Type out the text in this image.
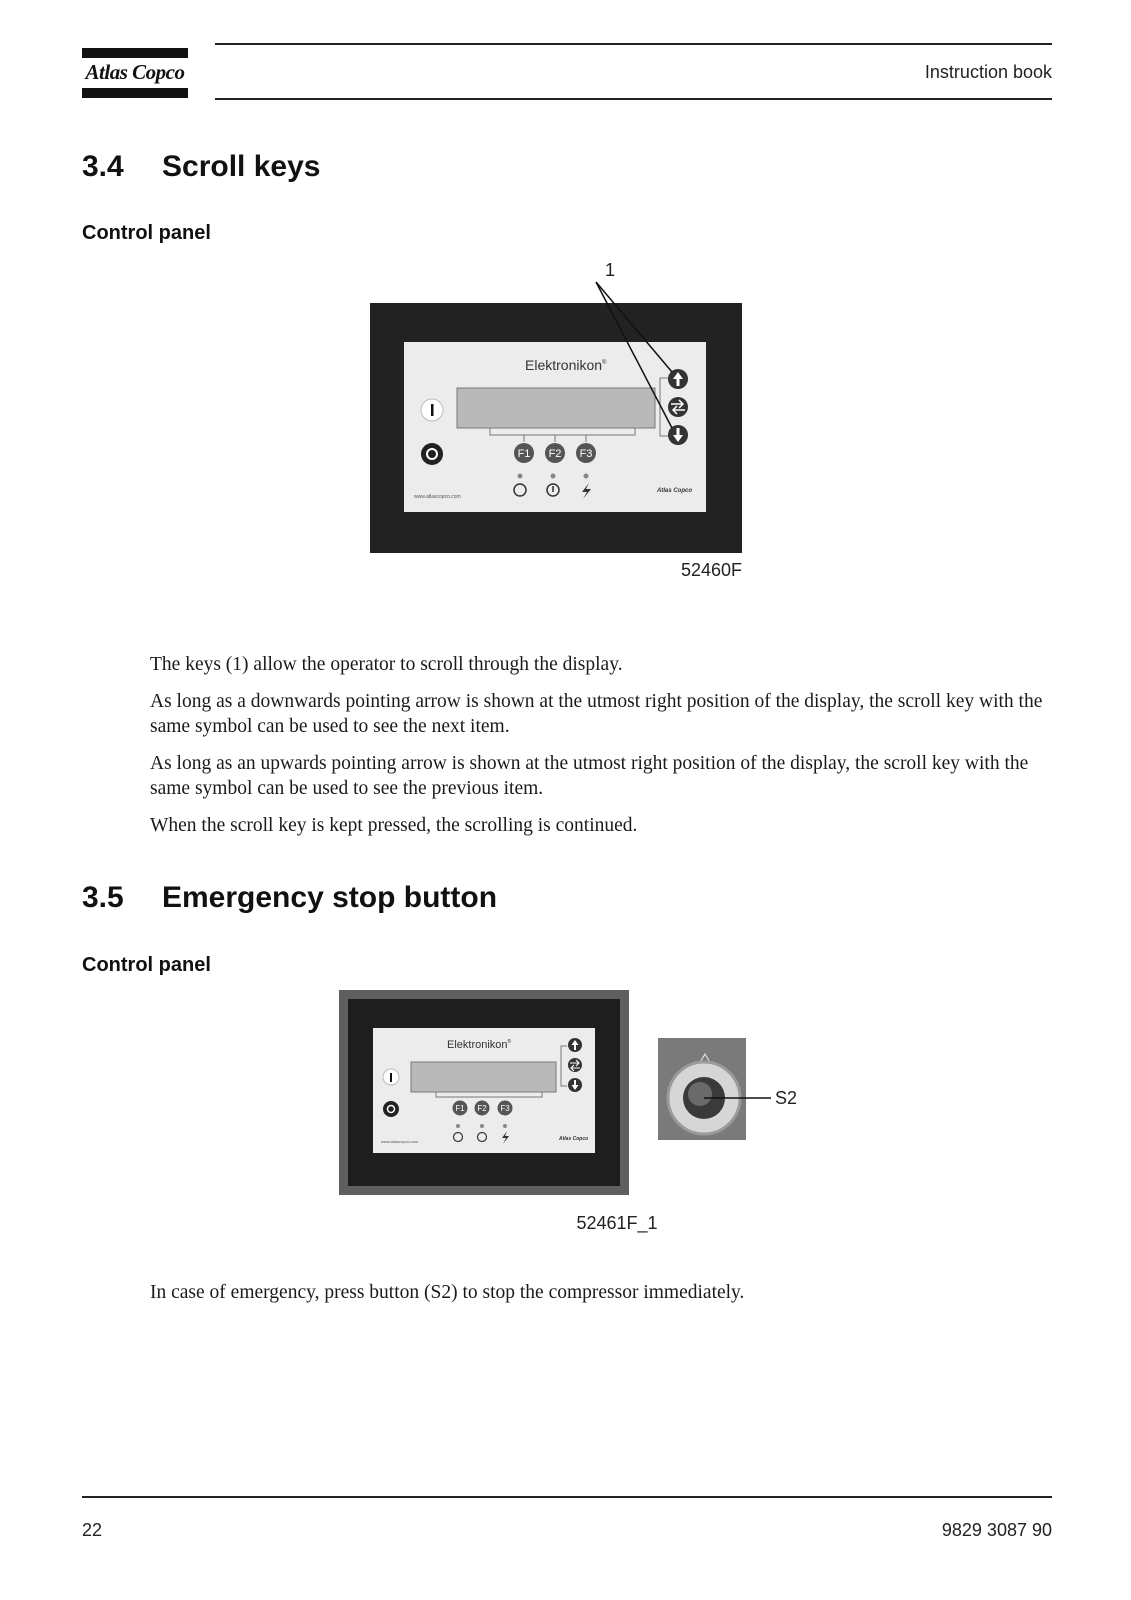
Atlas Copco	Instruction book
3.4 Scroll keys
Control panel
1
Elektronikon®
F1 F2 F3
www.atlascopco.com
Atlas Copco
52460F
The keys (1) allow the operator to scroll through the display.
As long as a downwards pointing arrow is shown at the utmost right position of the display, the scroll key with the same symbol can be used to see the next item.
As long as an upwards pointing arrow is shown at the utmost right position of the display, the scroll key with the same symbol can be used to see the previous item.
When the scroll key is kept pressed, the scrolling is continued.
3.5 Emergency stop button
Control panel
Elektronikon®
F1 F2 F3
www.atlascopco.com	Atlas Copco
S2
52461F_1
In case of emergency, press button (S2) to stop the compressor immediately.
22	9829 3087 90
